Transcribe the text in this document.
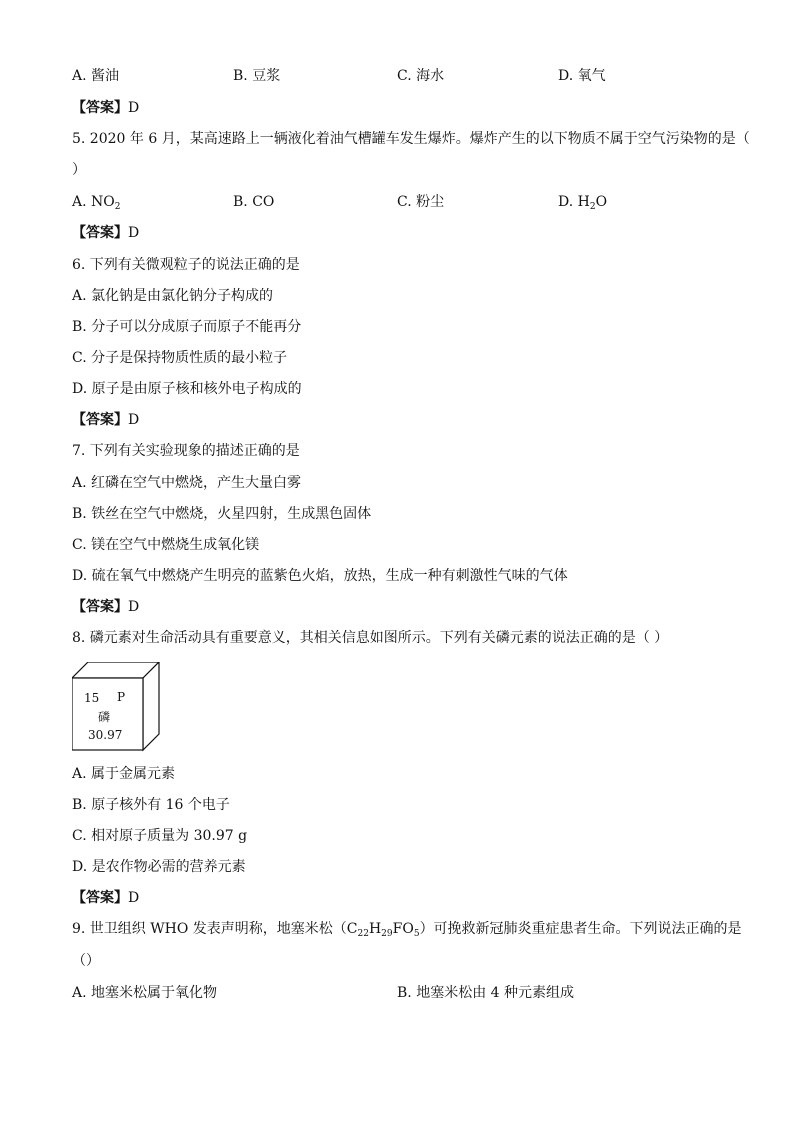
A. 酱油	B. 豆浆	C. 海水	D. 氧气
【答案】D
5. 2020 年 6 月，某高速路上一辆液化着油气槽罐车发生爆炸。爆炸产生的以下物质不属于空气污染物的是（
）
A. $NO_2$	B. CO	C. 粉尘	D. $H_2O$
【答案】D
6. 下列有关微观粒子的说法正确的是
A. 氯化钠是由氯化钠分子构成的
B. 分子可以分成原子而原子不能再分
C. 分子是保持物质性质的最小粒子
D. 原子是由原子核和核外电子构成的
【答案】D
7. 下列有关实验现象的描述正确的是
A. 红磷在空气中燃烧，产生大量白雾
B. 铁丝在空气中燃烧，火星四射，生成黑色固体
C. 镁在空气中燃烧生成氧化镁
D. 硫在氧气中燃烧产生明亮的蓝紫色火焰，放热，生成一种有刺激性气味的气体
【答案】D
8. 磷元素对生命活动具有重要意义，其相关信息如图所示。下列有关磷元素的说法正确的是（ ）
15 P
磷
30.97
A. 属于金属元素
B. 原子核外有 16 个电子
C. 相对原子质量为 30.97 g
D. 是农作物必需的营养元素
【答案】D
9. 世卫组织 WHO 发表声明称，地塞米松$(C_{22}H_{29}FO_5)$可挽救新冠肺炎重症患者生命。下列说法正确的是
（）
A. 地塞米松属于氧化物	B. 地塞米松由 4 种元素组成
